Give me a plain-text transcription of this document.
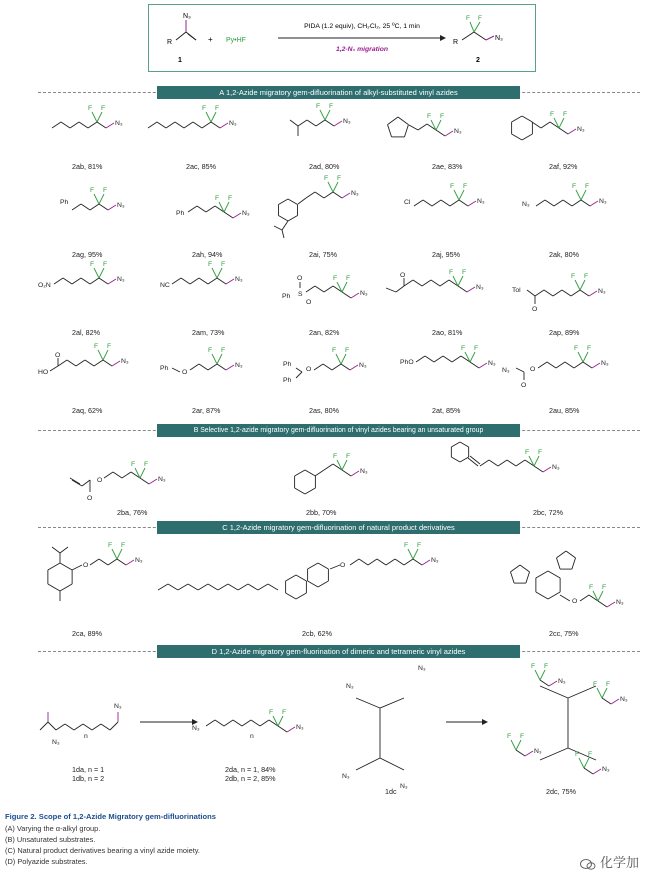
N₃
R
1
+ Py•HF
PIDA (1.2 equiv), CH₂Cl₂, 25 ºC, 1 min
1,2-N₃ migration
R
F F
N₃
2
A 1,2-Azide migratory gem-difluorination of alkyl-substituted vinyl azides
F F
N₃
F F
N₃
F F
N₃
F F
N₃
F F
N₃
Ph
F F
N₃
Ph
F F
N₃
F F
N₃
Cl
F F
N₃	N₃
F F
N₃
O₂N
F F
N₃
NC
F F
N₃
Ph S
O
O
F F
N₃
O	F F
N₃	Tol
O
F F
N₃
HO
O
F F
N₃
Ph
O
F F
N₃	Ph
Ph
O
F F
N₃	PhO
F F
N₃
N₃
O
O
F F
N₃
2ab, 81%	2ac, 85%	2ad, 80%	2ae, 83%	2af, 92%
2ag, 95%	2ah, 94%	2ai, 75%	2aj, 95%	2ak, 80%
2al, 82%	2am, 73%	2an, 82%	2ao, 81%	2ap, 89%
2aq, 62%	2ar, 87%	2as, 80%	2at, 85%	2au, 85%
B Selective 1,2-azide migratory gem-difluorination of vinyl azides bearing an unsaturated group
O
O
F F
N₃
F F
N₃
F F
N₃
2ba, 76%	2bb, 70%	2bc, 72%
C 1,2-Azide migratory gem-difluorination of natural product derivatives
O
F F
N₃
O
F F
N₃
O
F F
N₃
2ca, 89%	2cb, 62%	2cc, 75%
D 1,2-Azide migratory gem-fluorination of dimeric and tetrameric vinyl azides
N₃
N₃
n
N₃
F F
N₃
n
N₃
N₃
N₃
N₃
F F
N₃	F F
N₃
F F
N₃	F F
N₃
1da, n = 1
1db, n = 2
2da, n = 1, 84%
2db, n = 2, 85%
1dc	2dc, 75%
Figure 2. Scope of 1,2-Azide Migratory gem-difluorinations
(A) Varying the α-alkyl group.
(B) Unsaturated substrates.
(C) Natural product derivatives bearing a vinyl azide moiety.
(D) Polyazide substrates.	化学加
